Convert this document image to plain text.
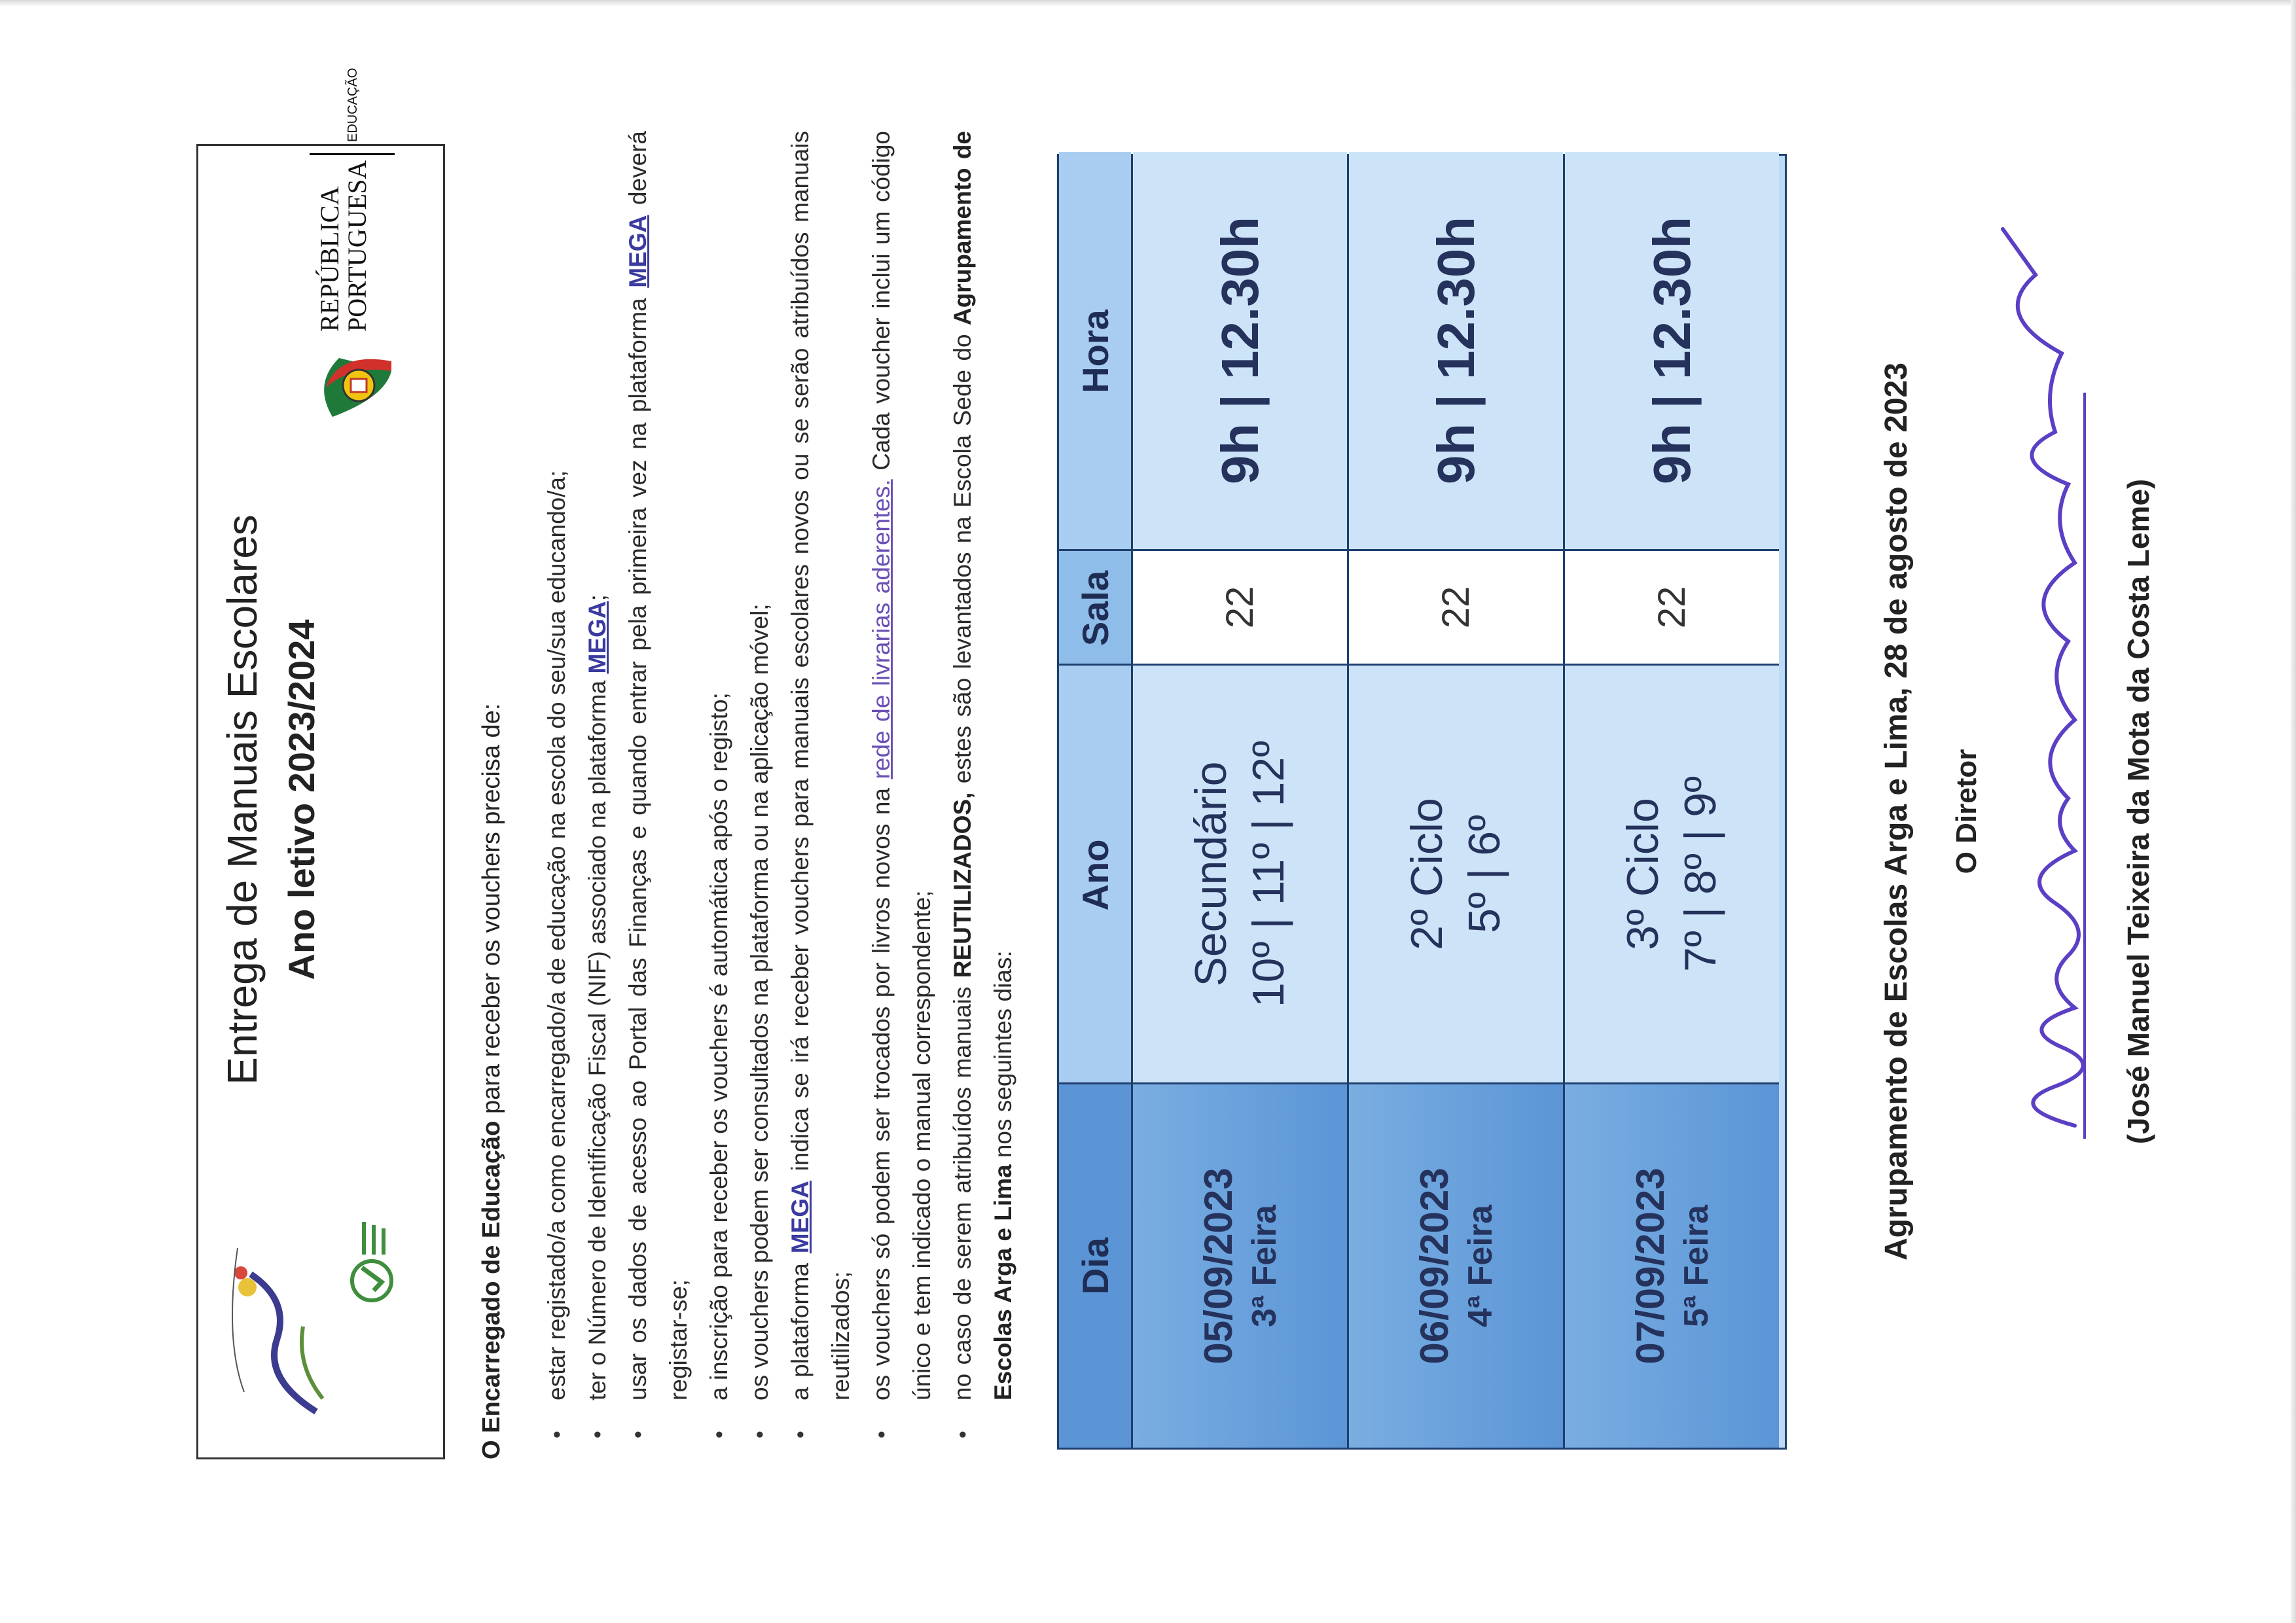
Entrega de Manuais Escolares Ano letivo 2023/2024
REPÚBLICA
PORTUGUESA
EDUCAÇÃO
O Encarregado de Educação para receber os vouchers precisa de: • estar registado/a como encarregado/a de educação na escola do seu/sua educando/a; • ter o Número de Identificação Fiscal (NIF) associado na plataforma MEGA; • usar os dados de acesso ao Portal das Finanças e quando entrar pela primeira vez na plataforma MEGA deverá registar-se; • a inscrição para receber os vouchers é automática após o registo; • os vouchers podem ser consultados na plataforma ou na aplicação móvel; • a plataforma MEGA indica se irá receber vouchers para manuais escolares novos ou se serão atribuídos manuais reutilizados; • os vouchers só podem ser trocados por livros novos na rede de livrarias aderentes. Cada voucher inclui um código único e tem indicado o manual correspondente; • no caso de serem atribuídos manuais REUTILIZADOS, estes são levantados na Escola Sede do Agrupamento de Escolas Arga e Lima nos seguintes dias:
Dia
Ano
Sala
Hora
05/09/2023 3ª Feira
Secundário 10º | 11º | 12º
22
9h | 12.30h
06/09/2023 4ª Feira
2º Ciclo 5º | 6º
22
9h | 12.30h
07/09/2023 5ª Feira
3º Ciclo 7º | 8º | 9º
22
9h | 12.30h
Agrupamento de Escolas Arga e Lima, 28 de agosto de 2023 O Diretor	(José Manuel Teixeira da Mota da Costa Leme)
